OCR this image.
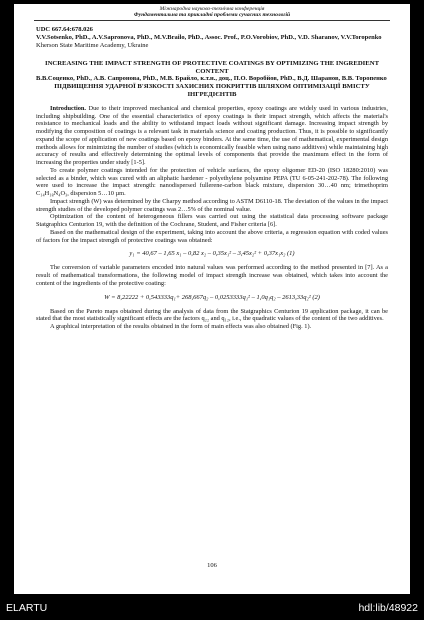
Міжнародна науково-технічна конференція
Фундаментальна та прикладні проблеми сучасних технологій
UDC 667.64:678.026
V.V.Sotsenko, PhD., A.V.Sapronova, PhD., M.V.Brailo, PhD., Assoc. Prof., P.O.Vorobiov, PhD., V.D. Sharanov, V.V.Toropenko
Kherson State Maritime Academy, Ukraine
INCREASING THE IMPACT STRENGTH OF PROTECTIVE COATINGS BY OPTIMIZING THE INGREDIENT CONTENT
В.В.Соценко, PhD., А.В. Сапронова, PhD., М.В. Брайло, к.т.н., доц., П.О. Воробйов, PhD., В.Д. Шаранов, В.В. Торопенко
ПІДВИЩЕННЯ УДАРНОЇ В'ЯЗКОСТІ ЗАХИСНИХ ПОКРИТТІВ ШЛЯХОМ ОПТИМІЗАЦІЇ ВМІСТУ ІНГРЕДІЄНТІВ

Introduction. Due to their improved mechanical and chemical properties, epoxy coatings are widely used in various industries, including shipbuilding. One of the essential characteristics of epoxy coatings is their impact strength, which affects the material's resistance to mechanical loads and the ability to withstand impact loads without significant damage. Increasing impact strength by modifying the composition of coatings is a relevant task in materials science and coating production. Thus, it is possible to significantly expand the scope of application of new coatings based on epoxy binders. At the same time, the use of mathematical, experimental design methods allows for minimizing the number of studies (which is economically feasible when using nano additives) while maintaining high accuracy of results and effectively determining the optimal levels of components that provide the maximum effect in the form of increasing the properties under study [1-5].

To create polymer coatings intended for the protection of vehicle surfaces, the epoxy oligomer ED-20 (ISO 18280:2010) was selected as a binder, which was cured with an aliphatic hardener - polyethylene polyamine PEPA (TU 6-05-241-202-78). The following were used to increase the impact strength: nanodispersed fullerene-carbon black mixture, dispersion 30…40 nm; trimethoprim C₁₄H₁₈N₄O₃, dispersion 5…10 µm.

Impact strength (W) was determined by the Charpy method according to ASTM D6110-18. The deviation of the values in the impact strength studies of the developed polymer coatings was 2…5% of the nominal value.

Optimization of the content of heterogeneous fillers was carried out using the statistical data processing software package Statgraphics Centurion 19, with the definition of the Cochrane, Student, and Fisher criteria [6].

Based on the mathematical design of the experiment, taking into account the above criteria, a regression equation with coded values of factors for the impact strength of protective coatings was obtained:

y₁ = 40,67 – 1,65 x₁ – 0,82 x₂ – 0,35x₁² – 3,45x₂² + 0,37x₁x₂ (1)

The conversion of variable parameters encoded into natural values was performed according to the method presented in [7]. As a result of mathematical transformations, the following model of impact strength increase was obtained, which takes into account the content of the ingredients of the protective coating:

W = 8,22222 + 0,543333q₁+ 268,667q₂ – 0,0253333q₁² – 1,0q₁q₂ – 2613,33q₂² (2)

Based on the Pareto maps obtained during the analysis of data from the Statgraphics Centurion 19 application package, it can be stated that the most statistically significant effects are the factors q₂₂ and q₁₂, i.e., the quadratic values of the content of the two additives.

A graphical interpretation of the results obtained in the form of main effects was also obtained (Fig. 1).

106
ELARTU	hdl:lib/48922
